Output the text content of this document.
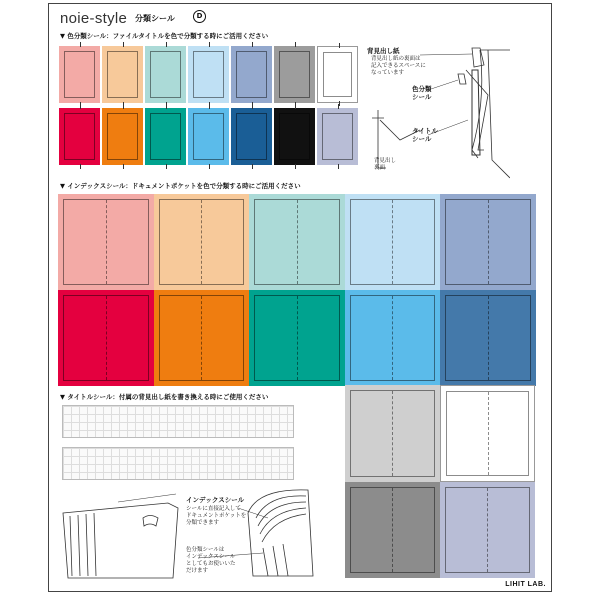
noie-style 分類シール	D
▼ 色分類シール：ファイルタイトルを色で分類する時にご活用ください
背見出し紙
背見出し紙の裏面は
記入できるスペースに
なっています
色分類
シール
タイトル
シール
背見出し
裏面
▼ インデックスシール：ドキュメントポケットを色で分類する時にご活用ください
▼ タイトルシール：付属の背見出し紙を書き換える時にご使用ください
インデックスシール
シールに直接記入して
ドキュメントポケットを
分類できます
色分類シールは
インデックスシール
としてもお使いいた
だけます
LIHIT LAB.
